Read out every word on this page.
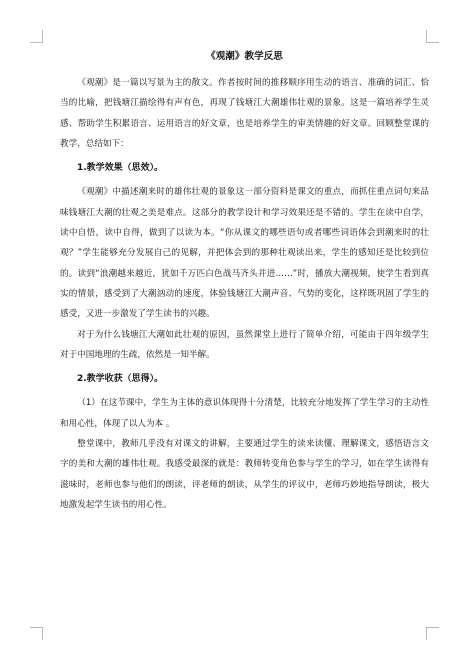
《观潮》教学反思

《观潮》是一篇以写景为主的散文。作者按时间的推移顺序用生动的语言、准确的词汇、恰当的比喻，把钱塘江描绘得有声有色，再现了钱塘江大潮雄伟壮观的景象。这是一篇培养学生灵感、帮助学生积累语言、运用语言的好文章，也是培养学生的审美情趣的好文章。回顾整堂课的教学，总结如下：

1.教学效果（思效）。

《观潮》中描述潮来时的雄伟壮观的景象这一部分资料是课文的重点，而抓住重点词句来品味钱塘江大潮的壮观之美是难点。这部分的教学设计和学习效果还是不错的。学生在读中自学，读中自悟，读中自得，做到了以读为本。“你从课文的哪些语句或者哪些词语体会到潮来时的壮观？”学生能够充分发展自己的见解，并把体会到的那种壮观读出来，学生的感知还是比较到位的。读到“浪潮越来越近，犹如千万匹白色战马齐头并进……”时，播放大潮视频，使学生看到真实的情景，感受到了大潮汹动的速度，体验钱塘江大潮声音、气势的变化，这样既巩固了学生的感受，又进一步激发了学生读书的兴趣。

对于为什么钱塘江大潮如此壮观的原因，虽然课堂上进行了简单介绍，可能由于四年级学生对于中国地理的生疏，依然是一知半解。

2.教学收获（思得）。

（1）在这节课中，学生为主体的意识体现得十分清楚，比较充分地发挥了学生学习的主动性和用心性，体现了以人为本 。

整堂课中，教师几乎没有对课文的讲解，主要通过学生的读来读懂、理解课文，感悟语言文字的美和大潮的雄伟壮观。我感受最深的就是：教师转变角色参与学生的学习，如在学生读得有滋味时，老师也参与他们的朗读，评老师的朗读，从学生的评议中，老师巧妙地指导朗读，极大地激发起学生读书的用心性。
